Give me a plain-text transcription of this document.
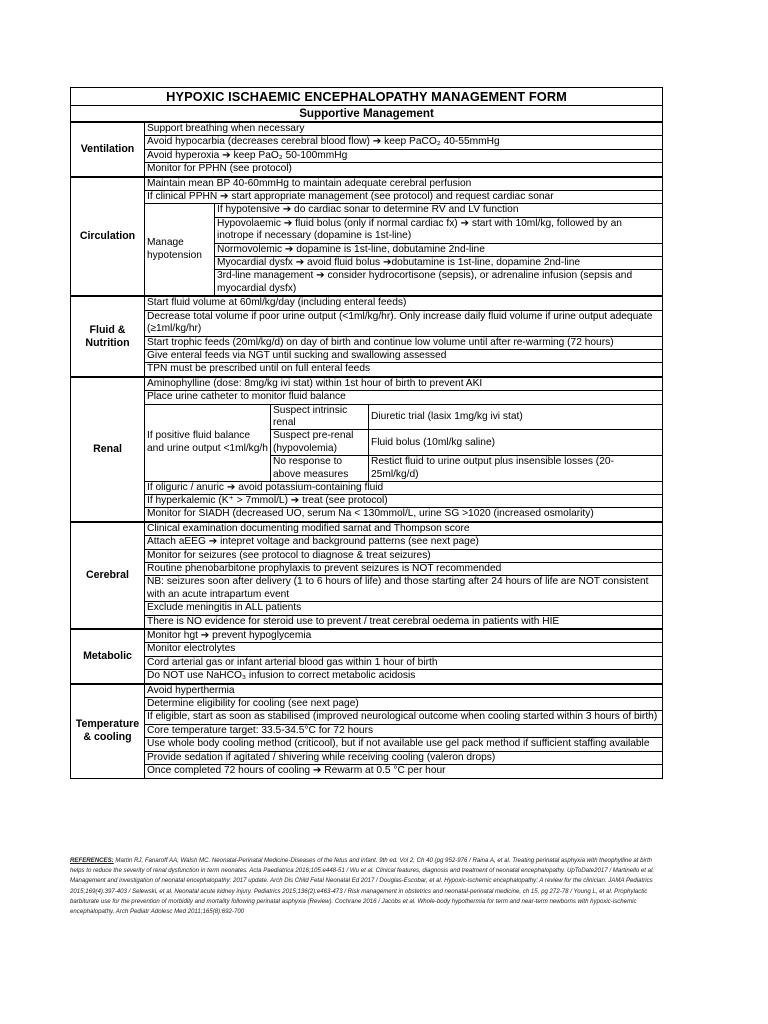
HYPOXIC ISCHAEMIC ENCEPHALOPATHY MANAGEMENT FORM				
Supportive Management				
Ventilation	Support breathing when necessary			
	Avoid hypocarbia (decreases cerebral blood flow) ➔ keep PaCO₂ 40-55mmHg			
	Avoid hyperoxia ➔ keep PaO₂ 50-100mmHg			
	Monitor for PPHN (see protocol)			
Circulation	Maintain mean BP 40-60mmHg to maintain adequate cerebral perfusion			
	If clinical PPHN ➔ start appropriate management (see protocol) and request cardiac sonar			
	Manage hypotension	If hypotensive ➔ do cardiac sonar to determine RV and LV function		
		Hypovolaemic ➔ fluid bolus (only if normal cardiac fx) ➔ start with 10ml/kg, followed by an inotrope if necessary (dopamine is 1st-line)		
		Normovolemic ➔ dopamine is 1st-line, dobutamine 2nd-line		
		Myocardial dysfx ➔ avoid fluid bolus ➔dobutamine is 1st-line, dopamine 2nd-line		
		3rd-line management ➔ consider hydrocortisone (sepsis), or adrenaline infusion (sepsis and myocardial dysfx)		
Fluid & Nutrition	Start fluid volume at 60ml/kg/day (including enteral feeds)			
	Decrease total volume if poor urine output (<1ml/kg/hr). Only increase daily fluid volume if urine output adequate (≥1ml/kg/hr)			
	Start trophic feeds (20ml/kg/d) on day of birth and continue low volume until after re-warming (72 hours)			
	Give enteral feeds via NGT until sucking and swallowing assessed			
	TPN must be prescribed until on full enteral feeds			
Renal	Aminophylline (dose: 8mg/kg ivi stat) within 1st hour of birth to prevent AKI			
	Place urine catheter to monitor fluid balance			
	If positive fluid balance and urine output <1ml/kg/h		Suspect intrinsic renal	Diuretic trial (lasix 1mg/kg ivi stat)
			Suspect pre-renal (hypovolemia)	Fluid bolus (10ml/kg saline)
			No response to above measures	Restict fluid to urine output plus insensible losses (20-25ml/kg/d)
	If oliguric / anuric ➔ avoid potassium-containing fluid			
	If hyperkalemic (K⁺ > 7mmol/L) ➔ treat (see protocol)			
	Monitor for SIADH (decreased UO, serum Na < 130mmol/L, urine SG >1020 (increased osmolarity)			
Cerebral	Clinical examination documenting modified sarnat and Thompson score			
	Attach aEEG ➔ intepret voltage and background patterns (see next page)			
	Monitor for seizures (see protocol to diagnose & treat seizures)			
	Routine phenobarbitone prophylaxis to prevent seizures is NOT recommended			
	NB: seizures soon after delivery (1 to 6 hours of life) and those starting after 24 hours of life are NOT consistent with an acute intrapartum event			
	Exclude meningitis in ALL patients			
	There is NO evidence for steroid use to prevent / treat cerebral oedema in patients with HIE			
Metabolic	Monitor hgt ➔ prevent hypoglycemia			
	Monitor electrolytes			
	Cord arterial gas or infant arterial blood gas within 1 hour of birth			
	Do NOT use NaHCO₃ infusion to correct metabolic acidosis			
Temperature & cooling	Avoid hyperthermia			
	Determine eligibility for cooling (see next page)			
	If eligible, start as soon as stabilised (improved neurological outcome when cooling started within 3 hours of birth)			
	Core temperature target: 33.5-34.5°C for 72 hours			
	Use whole body cooling method (criticool), but if not available use gel pack method if sufficient staffing available			
	Provide sedation if agitated / shivering while receiving cooling (valeron drops)			
	Once completed 72 hours of cooling ➔ Rewarm at 0.5 °C per hour			
REFERENCES: Martin RJ, Fanaroff AA, Walsh MC. Neonatal-Perinatal Medicine-Diseases of the fetus and infant. 9th ed. Vol 2, Ch 40 (pg 952-976 / Raina A, et al. Treating perinatal asphyxia with theophylline at birth helps to reduce the severity of renal dysfunction in term neonates. Acta Paediatrica 2016;105:e448-51 / Wu et al. Clinical features, diagnosis and treatment of neonatal encephalopathy. UpToDate2017 / Martinello et al. Management and investigation of neonatal encephalopathy: 2017 update. Arch Dis Child Fetal Neonatal Ed 2017 / Douglas-Escobar, et al. Hypoxic-ischemic encephalopathy: A review for the clinician. JAMA Pediatrics 2015;169(4):397-403 / Selewski, et al. Neonatal acute kidney injury. Pediatrics 2015;136(2):e463-473 / Risk management in obstetrics and neonatal-perinatal medicine, ch 15, pg 272-78 / Young L, et al. Prophylactic barbiturate use for the prevention of morbidity and mortality following perinatal asphyxia (Review). Cochrane 2016 / Jacobs et al. Whole-body hypothermia for term and near-term newborns with hypoxic-ischemic encephalopathy. Arch Pediatr Adolesc Med 2011;165(8):692-700
